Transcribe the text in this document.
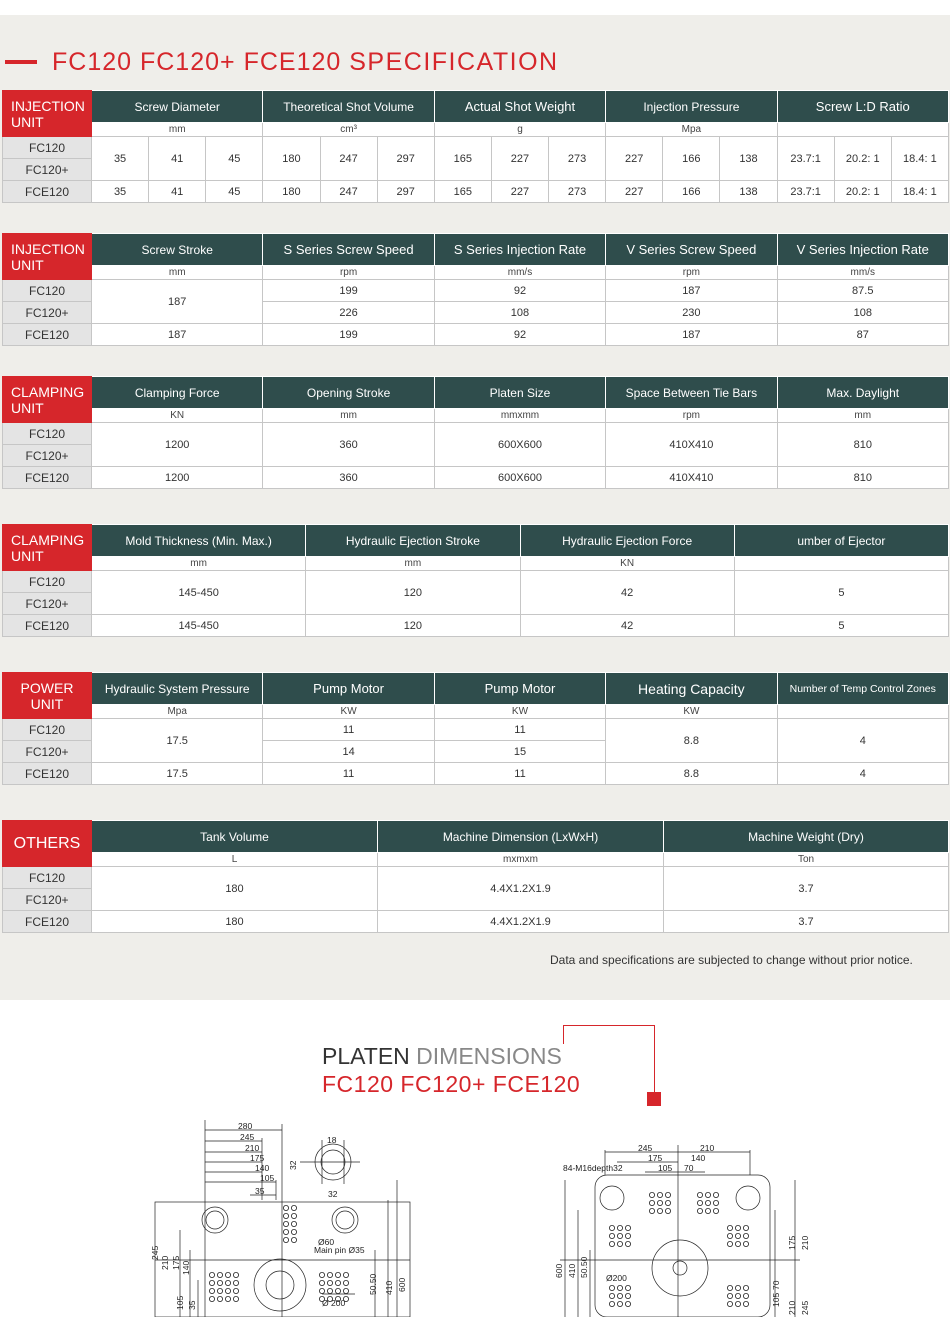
FC120 FC120+ FCE120 SPECIFICATION
INJECTION UNIT	Screw Diameter			Theoretical Shot Volume			Actual Shot Weight			Injection Pressure			Screw L:D Ratio		
	mm			cm³			g			Mpa					
FC120	35	41	45	180	247	297	165	227	273	227	166	138	23.7:1	20.2: 1	18.4: 1
FC120+															
FCE120	35	41	45	180	247	297	165	227	273	227	166	138	23.7:1	20.2: 1	18.4: 1
INJECTION UNIT	Screw Stroke	S Series Screw Speed	S Series Injection Rate	V Series Screw Speed	V Series Injection Rate
	mm	rpm	mm/s	rpm	mm/s
FC120	187	199	92	187	87.5
FC120+		226	108	230	108
FCE120	187	199	92	187	87
CLAMPING UNIT	Clamping Force	Opening Stroke	Platen Size	Space Between Tie Bars	Max. Daylight
	KN	mm	mmxmm	rpm	mm
FC120	1200	360	600X600	410X410	810
FC120+					
FCE120	1200	360	600X600	410X410	810
CLAMPING UNIT	Mold Thickness (Min. Max.)	Hydraulic Ejection Stroke	Hydraulic Ejection Force	umber of Ejector
	mm	mm	KN	
FC120	145-450	120	42	5
FC120+				
FCE120	145-450	120	42	5
POWER UNIT	Hydraulic System Pressure	Pump Motor	Pump Motor	Heating Capacity	Number of Temp Control Zones
	Mpa	KW	KW	KW	
FC120	17.5	11	11	8.8	4
FC120+		14	15		
FCE120	17.5	11	11	8.8	4
OTHERS	Tank Volume	Machine Dimension (LxWxH)	Machine Weight (Dry)
	L	mxmxm	Ton
FC120	180	4.4X1.2X1.9	3.7
FC120+			
FCE120	180	4.4X1.2X1.9	3.7
Data and specifications are subjected to change without prior notice.
PLATEN DIMENSIONS
FC120 FC120+ FCE120
280
245
210
175
140
105
35
18
32
32
Ø60
Main pin Ø35
Ø 200
245
210 175 140
105 35
50.50 410 600
245	210
175	140
105 70
84-M16depth32
Ø200
600 410 50.50
175 210
70
105
210 245
